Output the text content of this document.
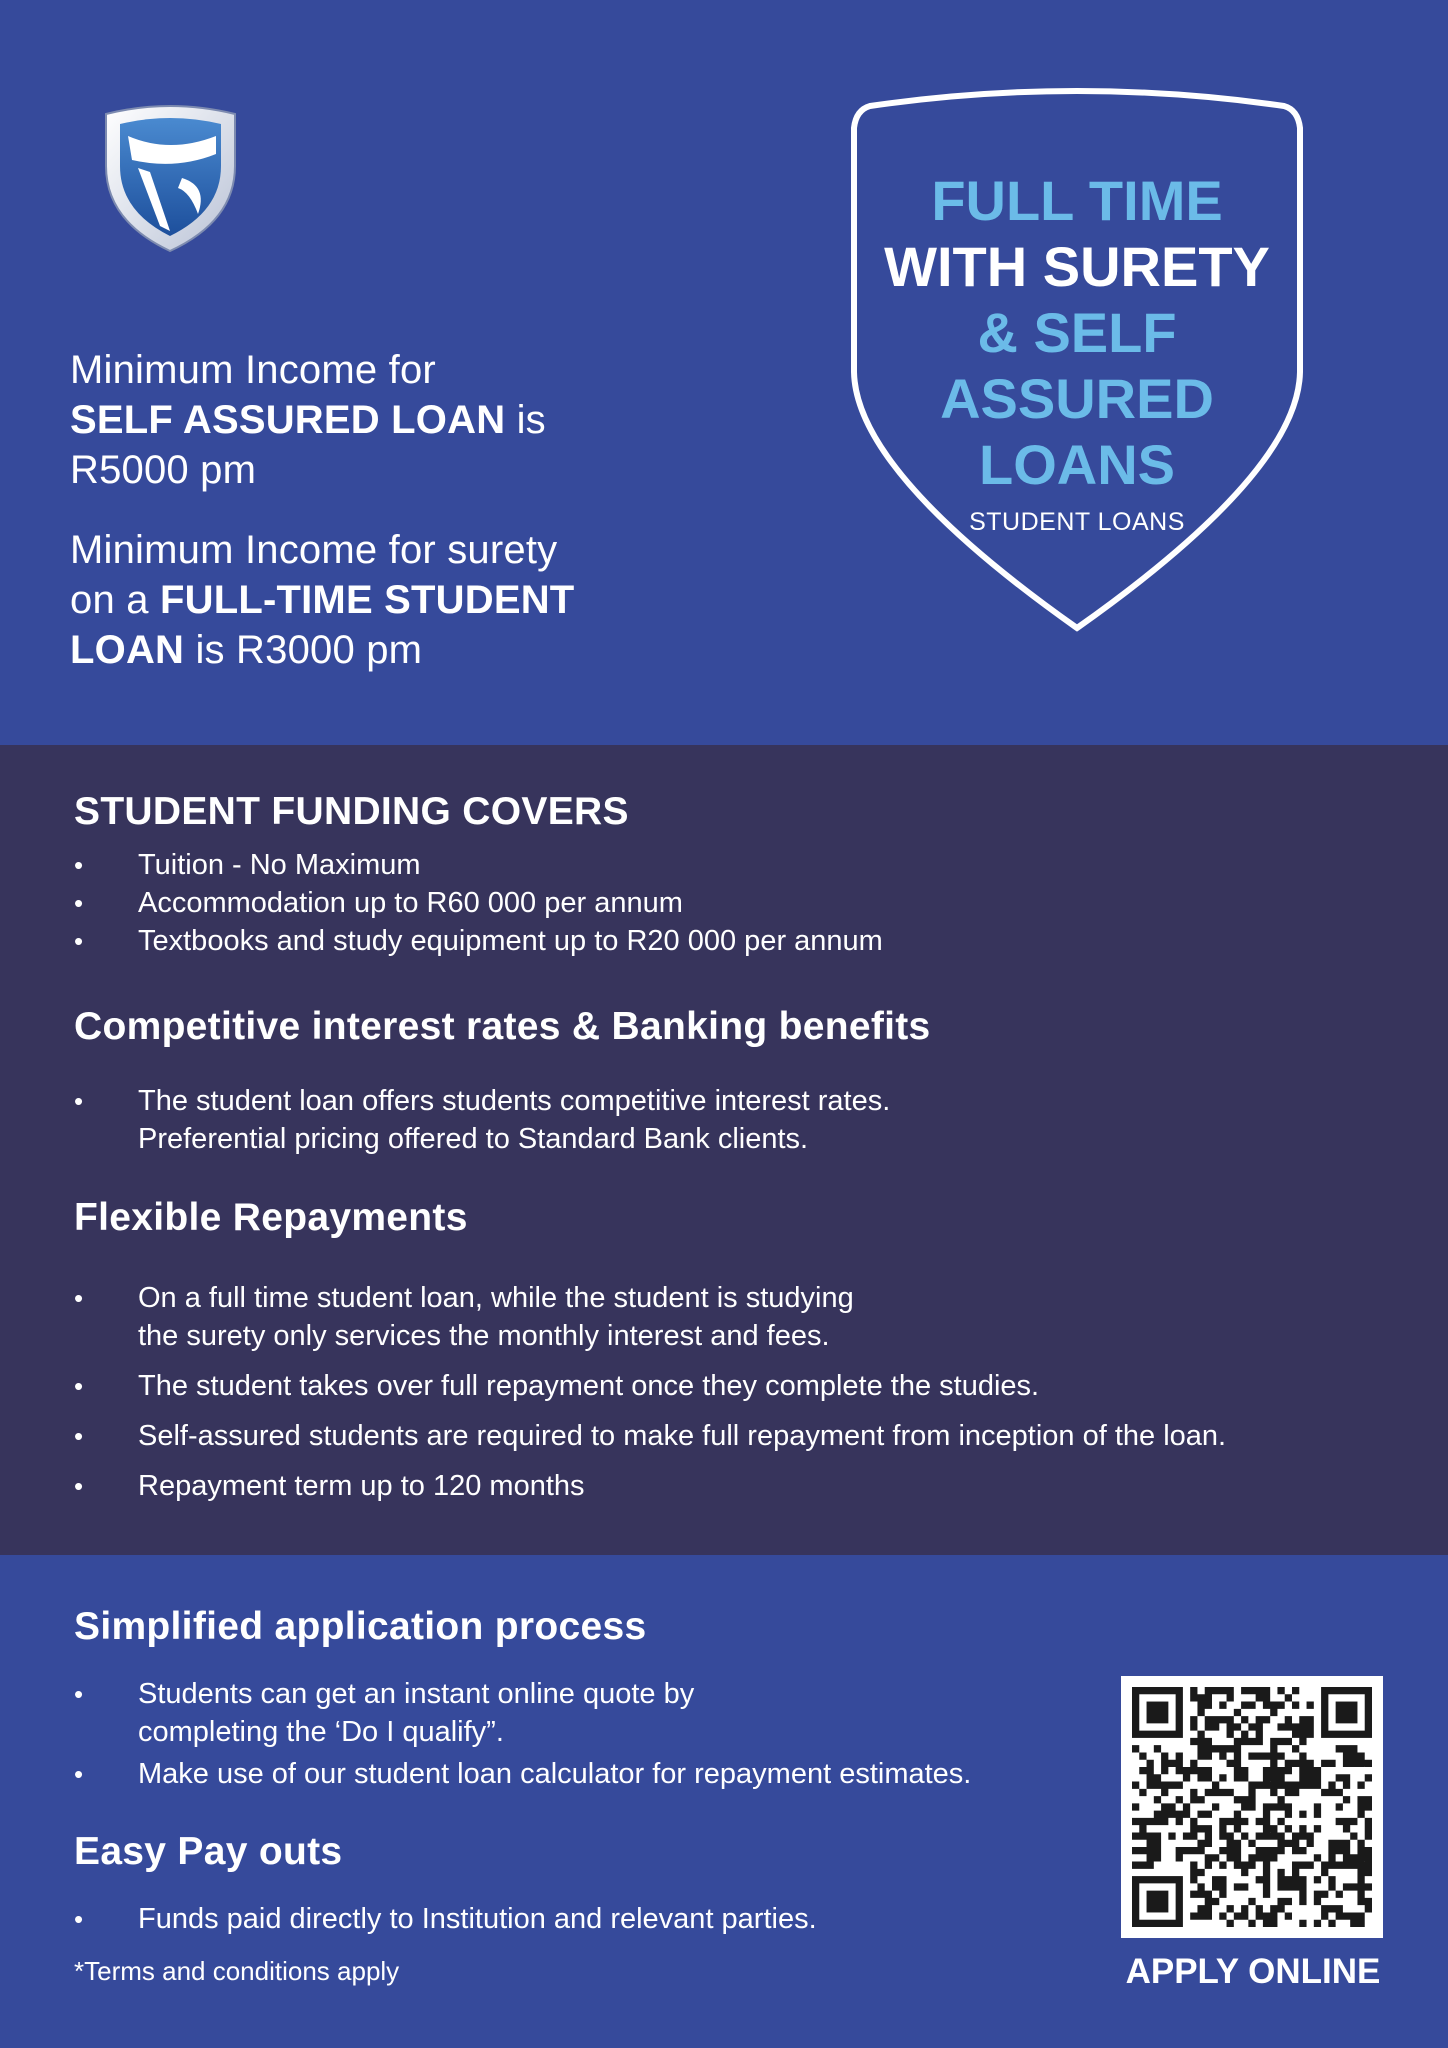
Minimum Income for
SELF ASSURED LOAN is
R5000 pm
Minimum Income for surety
on a FULL-TIME STUDENT
LOAN is R3000 pm
FULL TIME
WITH SURETY
& SELF
ASSURED
LOANS
STUDENT LOANS
STUDENT FUNDING COVERS
• Tuition - No Maximum
• Accommodation up to R60 000 per annum
• Textbooks and study equipment up to R20 000 per annum
Competitive interest rates & Banking benefits
• The student loan offers students competitive interest rates.
Preferential pricing offered to Standard Bank clients.
Flexible Repayments
• On a full time student loan, while the student is studying
the surety only services the monthly interest and fees.
• The student takes over full repayment once they complete the studies.
• Self-assured students are required to make full repayment from inception of the loan.
• Repayment term up to 120 months
Simplified application process
• Students can get an instant online quote by
completing the ‘Do I qualify”.
• Make use of our student loan calculator for repayment estimates.
Easy Pay outs
• Funds paid directly to Institution and relevant parties.
*Terms and conditions apply	APPLY ONLINE
